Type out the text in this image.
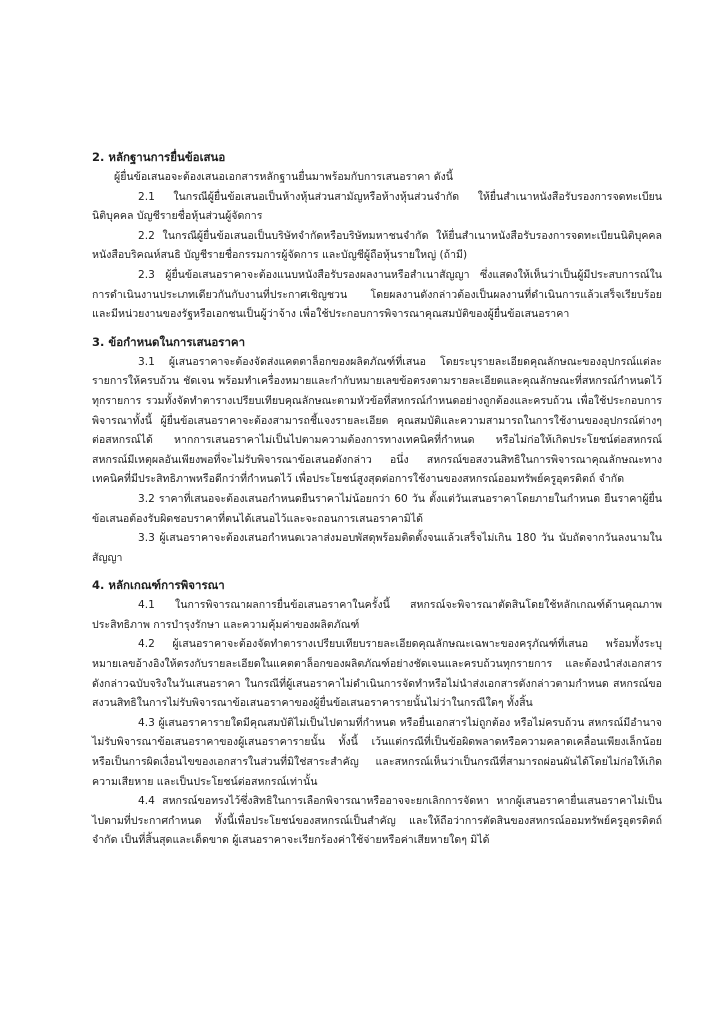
2. หลักฐานการยื่นข้อเสนอ

ผู้ยื่นข้อเสนอจะต้องเสนอเอกสารหลักฐานยื่นมาพร้อมกับการเสนอราคา ดังนี้

2.1 ในกรณีผู้ยื่นข้อเสนอเป็นห้างหุ้นส่วนสามัญหรือห้างหุ้นส่วนจำกัด ให้ยื่นสำเนาหนังสือรับรองการจดทะเบียนนิติบุคคล บัญชีรายชื่อหุ้นส่วนผู้จัดการ

2.2 ในกรณีผู้ยื่นข้อเสนอเป็นบริษัทจำกัดหรือบริษัทมหาชนจำกัด ให้ยื่นสำเนาหนังสือรับรองการจดทะเบียนนิติบุคคล หนังสือบริคณห์สนธิ บัญชีรายชื่อกรรมการผู้จัดการ และบัญชีผู้ถือหุ้นรายใหญ่ (ถ้ามี)

2.3 ผู้ยื่นข้อเสนอราคาจะต้องแนบหนังสือรับรองผลงานหรือสำเนาสัญญา ซึ่งแสดงให้เห็นว่าเป็นผู้มีประสบการณ์ในการดำเนินงานประเภทเดียวกันกับงานที่ประกาศเชิญชวน โดยผลงานดังกล่าวต้องเป็นผลงานที่ดำเนินการแล้วเสร็จเรียบร้อย และมีหน่วยงานของรัฐหรือเอกชนเป็นผู้ว่าจ้าง เพื่อใช้ประกอบการพิจารณาคุณสมบัติของผู้ยื่นข้อเสนอราคา

3. ข้อกำหนดในการเสนอราคา

3.1 ผู้เสนอราคาจะต้องจัดส่งแคตตาล็อกของผลิตภัณฑ์ที่เสนอ โดยระบุรายละเอียดคุณลักษณะของอุปกรณ์แต่ละรายการให้ครบถ้วน ชัดเจน พร้อมทำเครื่องหมายและกำกับหมายเลขข้อตรงตามรายละเอียดและคุณลักษณะที่สหกรณ์กำหนดไว้ทุกรายการ รวมทั้งจัดทำตารางเปรียบเทียบคุณลักษณะตามหัวข้อที่สหกรณ์กำหนดอย่างถูกต้องและครบถ้วน เพื่อใช้ประกอบการพิจารณาทั้งนี้ ผู้ยื่นข้อเสนอราคาจะต้องสามารถชี้แจงรายละเอียด คุณสมบัติและความสามารถในการใช้งานของอุปกรณ์ต่างๆ ต่อสหกรณ์ได้ หากการเสนอราคาไม่เป็นไปตามความต้องการทางเทคนิคที่กำหนด หรือไม่ก่อให้เกิดประโยชน์ต่อสหกรณ์ สหกรณ์มีเหตุผลอันเพียงพอที่จะไม่รับพิจารณาข้อเสนอดังกล่าว อนึ่ง สหกรณ์ขอสงวนสิทธิในการพิจารณาคุณลักษณะทางเทคนิคที่มีประสิทธิภาพหรือดีกว่าที่กำหนดไว้ เพื่อประโยชน์สูงสุดต่อการใช้งานของสหกรณ์ออมทรัพย์ครูอุตรดิตถ์ จำกัด

3.2 ราคาที่เสนอจะต้องเสนอกำหนดยืนราคาไม่น้อยกว่า 60 วัน ตั้งแต่วันเสนอราคาโดยภายในกำหนด ยืนราคาผู้ยื่นข้อเสนอต้องรับผิดชอบราคาที่ตนได้เสนอไว้และจะถอนการเสนอราคามิได้

3.3 ผู้เสนอราคาจะต้องเสนอกำหนดเวลาส่งมอบพัสดุพร้อมติดตั้งจนแล้วเสร็จไม่เกิน 180 วัน นับถัดจากวันลงนามในสัญญา

4. หลักเกณฑ์การพิจารณา

4.1 ในการพิจารณาผลการยื่นข้อเสนอราคาในครั้งนี้ สหกรณ์จะพิจารณาตัดสินโดยใช้หลักเกณฑ์ด้านคุณภาพ ประสิทธิภาพ การบำรุงรักษา และความคุ้มค่าของผลิตภัณฑ์

4.2 ผู้เสนอราคาจะต้องจัดทำตารางเปรียบเทียบรายละเอียดคุณลักษณะเฉพาะของครุภัณฑ์ที่เสนอ พร้อมทั้งระบุหมายเลขอ้างอิงให้ตรงกับรายละเอียดในแคตตาล็อกของผลิตภัณฑ์อย่างชัดเจนและครบถ้วนทุกรายการ และต้องนำส่งเอกสารดังกล่าวฉบับจริงในวันเสนอราคา ในกรณีที่ผู้เสนอราคาไม่ดำเนินการจัดทำหรือไม่นำส่งเอกสารดังกล่าวตามกำหนด สหกรณ์ขอสงวนสิทธิในการไม่รับพิจารณาข้อเสนอราคาของผู้ยื่นข้อเสนอราคารายนั้นไม่ว่าในกรณีใดๆ ทั้งสิ้น

4.3 ผู้เสนอราคารายใดมีคุณสมบัติไม่เป็นไปตามที่กำหนด หรือยื่นเอกสารไม่ถูกต้อง หรือไม่ครบถ้วน สหกรณ์มีอำนาจไม่รับพิจารณาข้อเสนอราคาของผู้เสนอราคารายนั้น ทั้งนี้ เว้นแต่กรณีที่เป็นข้อผิดพลาดหรือความคลาดเคลื่อนเพียงเล็กน้อย หรือเป็นการผิดเงื่อนไขของเอกสารในส่วนที่มิใช่สาระสำคัญ และสหกรณ์เห็นว่าเป็นกรณีที่สามารถผ่อนผันได้โดยไม่ก่อให้เกิดความเสียหาย และเป็นประโยชน์ต่อสหกรณ์เท่านั้น

4.4 สหกรณ์ขอทรงไว้ซึ่งสิทธิในการเลือกพิจารณาหรืออาจจะยกเลิกการจัดหา หากผู้เสนอราคายื่นเสนอราคาไม่เป็นไปตามที่ประกาศกำหนด ทั้งนี้เพื่อประโยชน์ของสหกรณ์เป็นสำคัญ และให้ถือว่าการตัดสินของสหกรณ์ออมทรัพย์ครูอุตรดิตถ์ จำกัด เป็นที่สิ้นสุดและเด็ดขาด ผู้เสนอราคาจะเรียกร้องค่าใช้จ่ายหรือค่าเสียหายใดๆ มิได้
